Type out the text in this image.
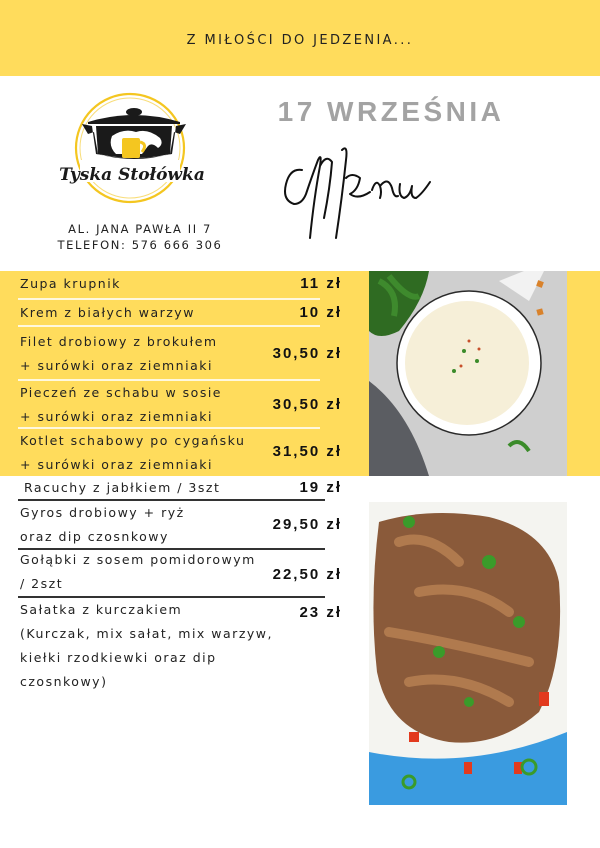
Z MIŁOŚCI DO JEDZENIA...
Tyska Stołówka
AL. JANA PAWŁA II 7
TELEFON: 576 666 306
17 WRZEŚNIA
Zupa krupnik	11 zł
Krem z białych warzyw	10 zł
Filet drobiowy z brokułem
+ surówki oraz ziemniaki
30,50 zł
Pieczeń ze schabu w sosie
+ surówki oraz ziemniaki
30,50 zł
Kotlet schabowy po cygańsku
+ surówki oraz ziemniaki
31,50 zł
Racuchy z jabłkiem / 3szt	19 zł
Gyros drobiowy + ryż
oraz dip czosnkowy
29,50 zł
Gołąbki z sosem pomidorowym
/ 2szt
22,50 zł
Sałatka z kurczakiem
(Kurczak, mix sałat, mix warzyw,
kiełki rzodkiewki oraz dip
czosnkowy)
23 zł
